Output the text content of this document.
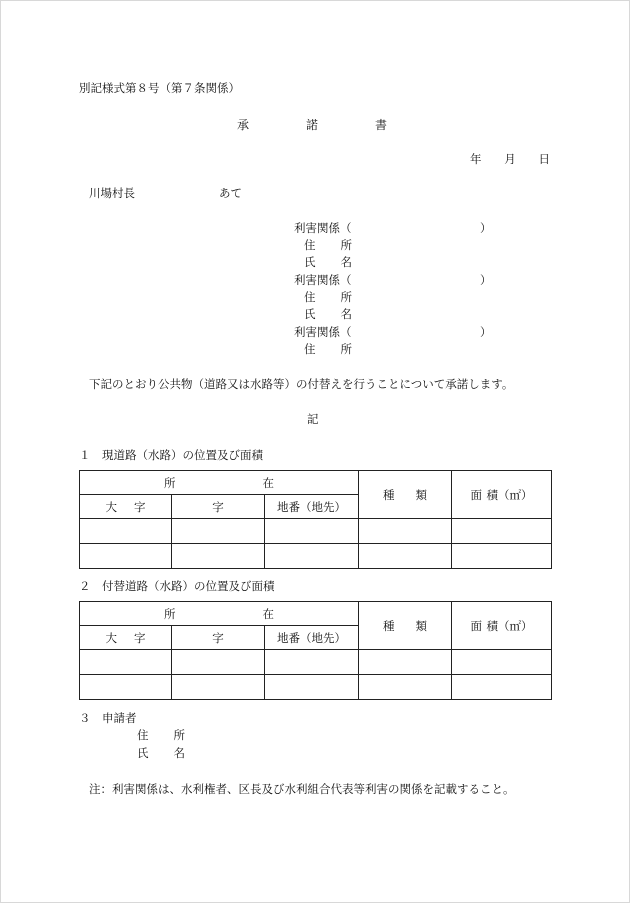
別記様式第８号（第７条関係）
承	諾	書
年 月 日
川場村長	あて
利害関係（	）
住 所
氏 名
利害関係（	）
住 所
氏 名
利害関係（	）
住 所
下記のとおり公共物（道路又は水路等）の付替えを行うことについて承諾します。
記
１　現道路（水路）の位置及び面積
所 在			種 類	面 積（㎡）

大 字	字	地番（地先）		

２　付替道路（水路）の位置及び面積
所 在			種 類	面 積（㎡）

大 字	字	地番（地先）		

３　申請者
住 所
氏 名
注：利害関係は、水利権者、区長及び水利組合代表等利害の関係を記載すること。
